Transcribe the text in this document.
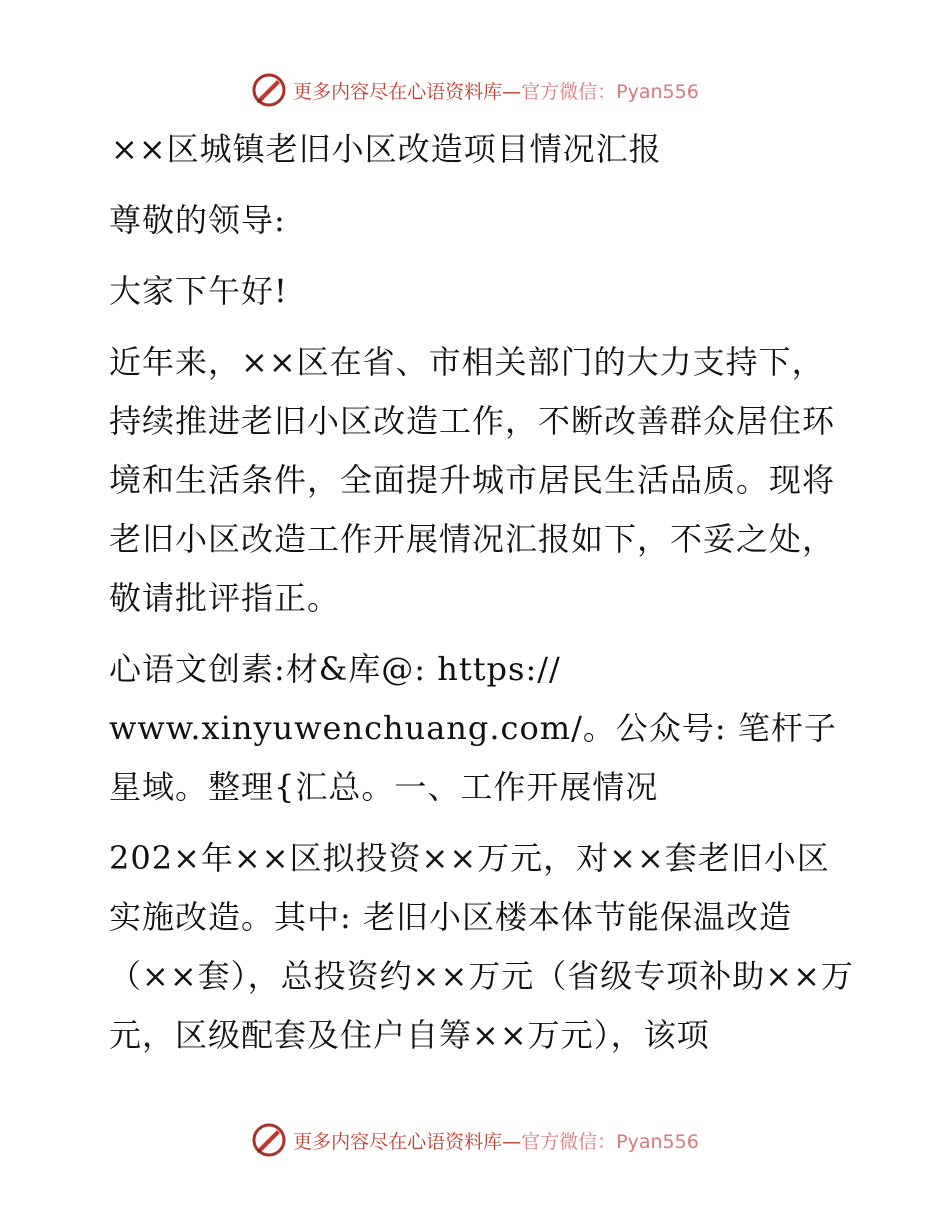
更多内容尽在心语资料库— 官方微信：Pyan556

××区城镇老旧小区改造项目情况汇报

尊敬的领导:

大家下午好!

近年来，××区在省、市相关部门的大力支持下，持续推进老旧小区改造工作，不断改善群众居住环境和生活条件，全面提升城市居民生活品质。现将老旧小区改造工作开展情况汇报如下，不妥之处，敬请批评指正。

心语文创素:材&库@: https:// www.xinyuwenchuang.com/。公众号: 笔杆子星域。整理{汇总。一、工作开展情况

202×年××区拟投资××万元，对××套老旧小区实施改造。其中: 老旧小区楼本体节能保温改造（××套），总投资约××万元（省级专项补助××万元，区级配套及住户自筹××万元），该项

更多内容尽在心语资料库— 官方微信：Pyan556
